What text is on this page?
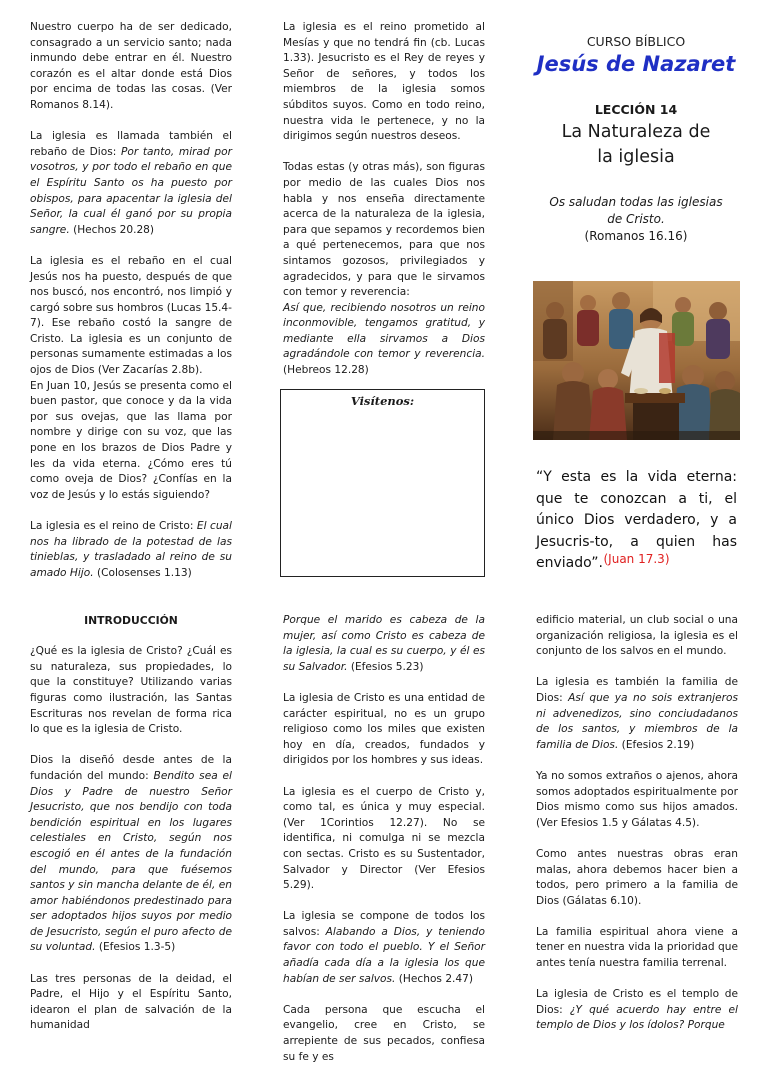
Nuestro cuerpo ha de ser dedicado, consagrado a un servicio santo; nada inmundo debe entrar en él. Nuestro corazón es el altar donde está Dios por encima de todas las cosas. (Ver Romanos 8.14).

La iglesia es llamada también el rebaño de Dios: Por tanto, mirad por vosotros, y por todo el rebaño en que el Espíritu Santo os ha puesto por obispos, para apacentar la iglesia del Señor, la cual él ganó por su propia sangre. (Hechos 20.28)

La iglesia es el rebaño en el cual Jesús nos ha puesto, después de que nos buscó, nos encontró, nos limpió y cargó sobre sus hombros (Lucas 15.4-7). Ese rebaño costó la sangre de Cristo. La iglesia es un conjunto de personas sumamente estimadas a los ojos de Dios (Ver Zacarías 2.8b).

En Juan 10, Jesús se presenta como el buen pastor, que conoce y da la vida por sus ovejas, que las llama por nombre y dirige con su voz, que las pone en los brazos de Dios Padre y les da vida eterna. ¿Cómo eres tú como oveja de Dios? ¿Confías en la voz de Jesús y lo estás siguiendo?

La iglesia es el reino de Cristo: El cual nos ha librado de la potestad de las tinieblas, y trasladado al reino de su amado Hijo. (Colosenses 1.13)

La iglesia es el reino prometido al Mesías y que no tendrá fin (cb. Lucas 1.33). Jesucristo es el Rey de reyes y Señor de señores, y todos los miembros de la iglesia somos súbditos suyos. Como en todo reino, nuestra vida le pertenece, y no la dirigimos según nuestros deseos.

Todas estas (y otras más), son figuras por medio de las cuales Dios nos habla y nos enseña directamente acerca de la naturaleza de la iglesia, para que sepamos y recordemos bien a qué pertenecemos, para que nos sintamos gozosos, privilegiados y agradecidos, y para que le sirvamos con temor y reverencia:
Así que, recibiendo nosotros un reino inconmovible, tengamos gratitud, y mediante ella sirvamos a Dios agradándole con temor y reverencia. (Hebreos 12.28)

Visítenos:
CURSO BÍBLICO
Jesús de Nazaret
LECCIÓN 14
La Naturaleza de
la iglesia
Os saludan todas las iglesias
de Cristo.
(Romanos 16.16)
“Y esta es la vida eterna: que te conozcan a ti, el único Dios verdadero, y a Jesucris-to, a quien has enviado”. (Juan 17.3)
INTRODUCCIÓN

¿Qué es la iglesia de Cristo? ¿Cuál es su naturaleza, sus propiedades, lo que la constituye? Utilizando varias figuras como ilustración, las Santas Escrituras nos revelan de forma rica lo que es la iglesia de Cristo.

Dios la diseñó desde antes de la fundación del mundo: Bendito sea el Dios y Padre de nuestro Señor Jesucristo, que nos bendijo con toda bendición espiritual en los lugares celestiales en Cristo, según nos escogió en él antes de la fundación del mundo, para que fuésemos santos y sin mancha delante de él, en amor habiéndonos predestinado para ser adoptados hijos suyos por medio de Jesucristo, según el puro afecto de su voluntad. (Efesios 1.3-5)

Las tres personas de la deidad, el Padre, el Hijo y el Espíritu Santo, idearon el plan de salvación de la humanidad

Porque el marido es cabeza de la mujer, así como Cristo es cabeza de la iglesia, la cual es su cuerpo, y él es su Salvador. (Efesios 5.23)

La iglesia de Cristo es una entidad de carácter espiritual, no es un grupo religioso como los miles que existen hoy en día, creados, fundados y dirigidos por los hombres y sus ideas.

La iglesia es el cuerpo de Cristo y, como tal, es única y muy especial. (Ver 1Corintios 12.27). No se identifica, ni comulga ni se mezcla con sectas. Cristo es su Sustentador, Salvador y Director (Ver Efesios 5.29).

La iglesia se compone de todos los salvos: Alabando a Dios, y teniendo favor con todo el pueblo. Y el Señor añadía cada día a la iglesia los que habían de ser salvos. (Hechos 2.47)

Cada persona que escucha el evangelio, cree en Cristo, se arrepiente de sus pecados, confiesa su fe y es

edificio material, un club social o una organización religiosa, la iglesia es el conjunto de los salvos en el mundo.

La iglesia es también la familia de Dios: Así que ya no sois extranjeros ni advenedizos, sino conciudadanos de los santos, y miembros de la familia de Dios. (Efesios 2.19)

Ya no somos extraños o ajenos, ahora somos adoptados espiritualmente por Dios mismo como sus hijos amados. (Ver Efesios 1.5 y Gálatas 4.5).

Como antes nuestras obras eran malas, ahora debemos hacer bien a todos, pero primero a la familia de Dios (Gálatas 6.10).

La familia espiritual ahora viene a tener en nuestra vida la prioridad que antes tenía nuestra familia terrenal.

La iglesia de Cristo es el templo de Dios: ¿Y qué acuerdo hay entre el templo de Dios y los ídolos? Porque
